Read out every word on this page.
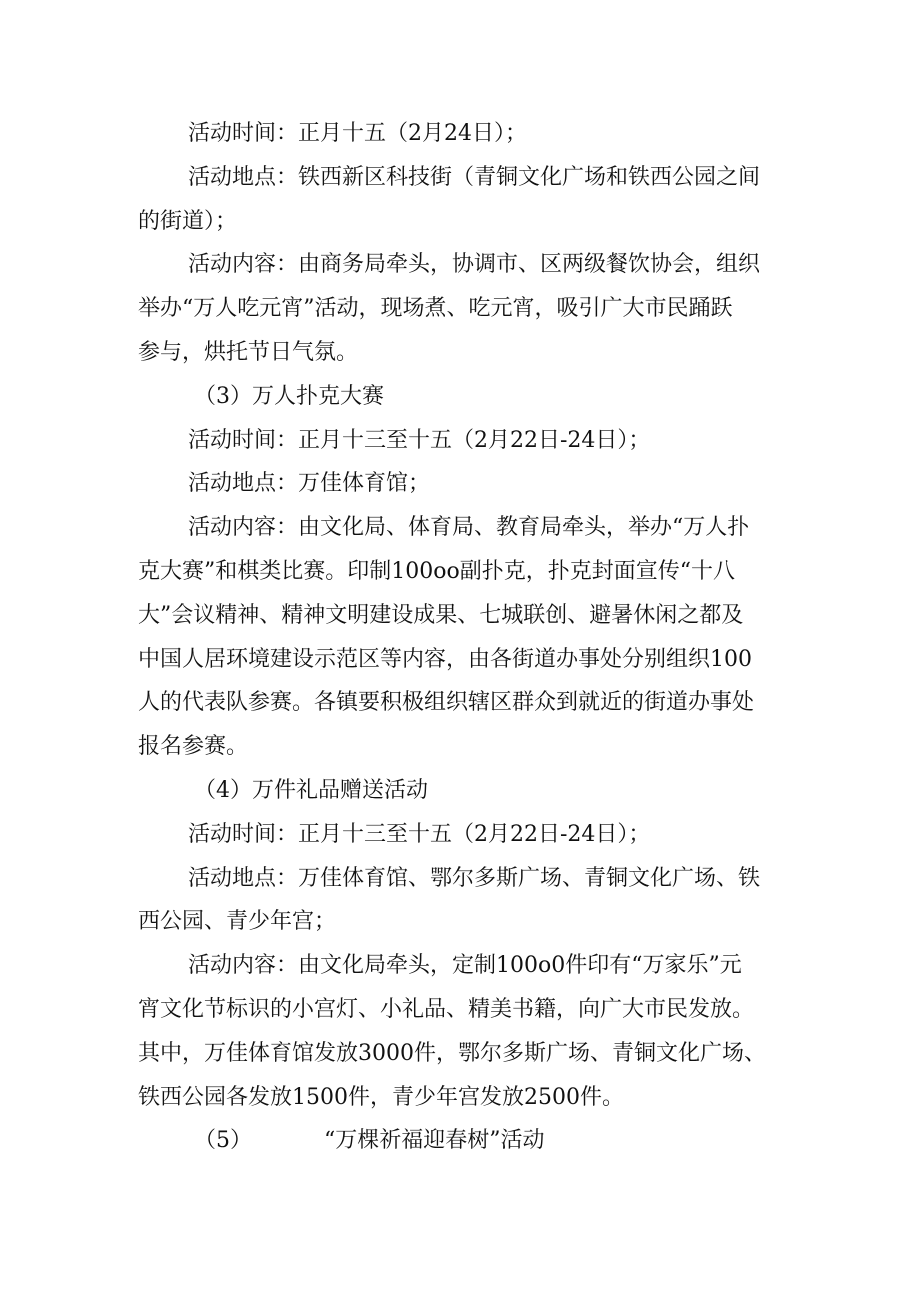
活动时间：正月十五（2月24日）；
活动地点：铁西新区科技街（青铜文化广场和铁西公园之间
的街道）；
活动内容：由商务局牵头，协调市、区两级餐饮协会，组织
举办“万人吃元宵”活动，现场煮、吃元宵，吸引广大市民踊跃
参与，烘托节日气氛。
（3）万人扑克大赛
活动时间：正月十三至十五（2月22日-24日）；
活动地点：万佳体育馆；
活动内容：由文化局、体育局、教育局牵头，举办“万人扑
克大赛”和棋类比赛。印制100oo副扑克，扑克封面宣传“十八
大”会议精神、精神文明建设成果、七城联创、避暑休闲之都及
中国人居环境建设示范区等内容，由各街道办事处分别组织100
人的代表队参赛。各镇要积极组织辖区群众到就近的街道办事处
报名参赛。
（4）万件礼品赠送活动
活动时间：正月十三至十五（2月22日-24日）；
活动地点：万佳体育馆、鄂尔多斯广场、青铜文化广场、铁
西公园、青少年宫；
活动内容：由文化局牵头，定制100o0件印有“万家乐”元
宵文化节标识的小宫灯、小礼品、精美书籍，向广大市民发放。
其中，万佳体育馆发放3000件，鄂尔多斯广场、青铜文化广场、
铁西公园各发放1500件，青少年宫发放2500件。
（5）	“万棵祈福迎春树”活动
